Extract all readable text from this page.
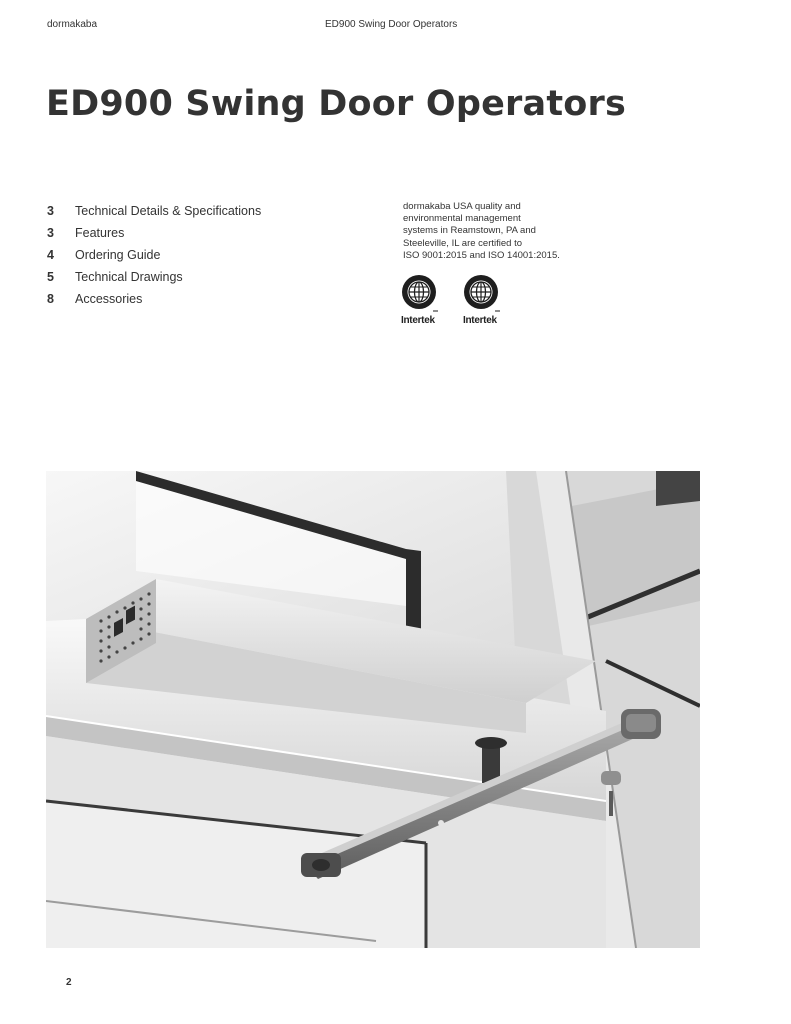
dormakaba	ED900 Swing Door Operators
ED900 Swing Door Operators
3	Technical Details & Specifications
3	Features
4	Ordering Guide
5	Technical Drawings
8	Accessories

dormakaba USA quality and
environmental management
systems in Reamstown, PA and
Steeleville, IL are certified to
ISO 9001:2015 and ISO 14001:2015.

Intertek	Intertek
2
